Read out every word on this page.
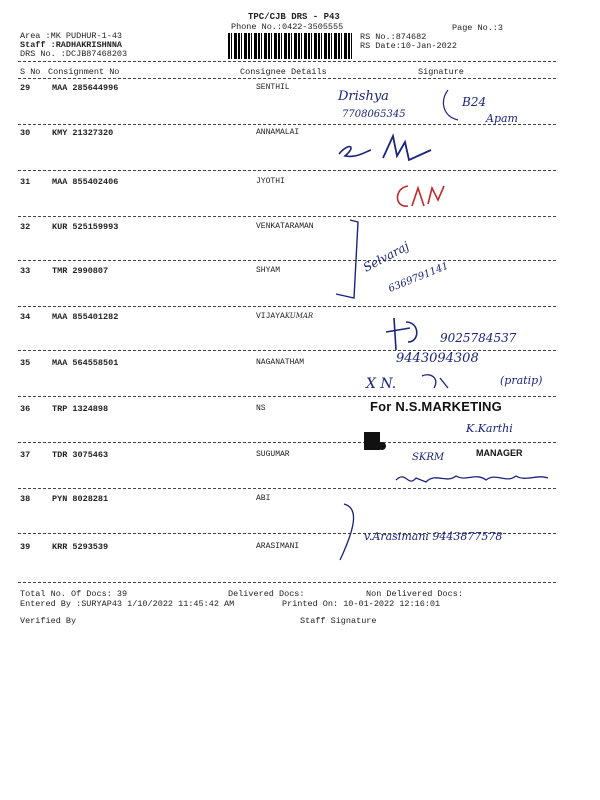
TPC/CJB DRS - P43
Phone No.:0422-3505555	Page No.:3
Area :MK PUDHUR-1-43
Staff :RADHAKRISHNNA
DRS No. :DCJB87468203
RS No.:874682
RS Date:10-Jan-2022
S No Consignment No	Consignee Details	Signature
29	MAA 285644996	SENTHIL
30	KMY 21327320	ANNAMALAI
31	MAA 855402406	JYOTHI
32	KUR 525159993	VENKATARAMAN
33	TMR 2990807	SHYAM
34	MAA 855401282	VIJAYAKUMAR
35	MAA 564558501	NAGANATHAM
36	TRP 1324898	NS
37	TDR 3075463	SUGUMAR
38	PYN 8028281	ABI
39	KRR 5293539	ARASIMANI
Drishya
7708065345
B24
Apam
Selvaraj
6369791141
9025784537
9443094308
X N.	(pratip)
For N.S.MARKETING
K.Karthi
SKRM	MANAGER
v.Arasimani 9443877578
Total No. Of Docs: 39	Delivered Docs:	Non Delivered Docs:
Entered By :SURYAP43 1/10/2022 11:45:42 AM	Printed On: 10-01-2022 12:16:01
Verified By	Staff Signature
